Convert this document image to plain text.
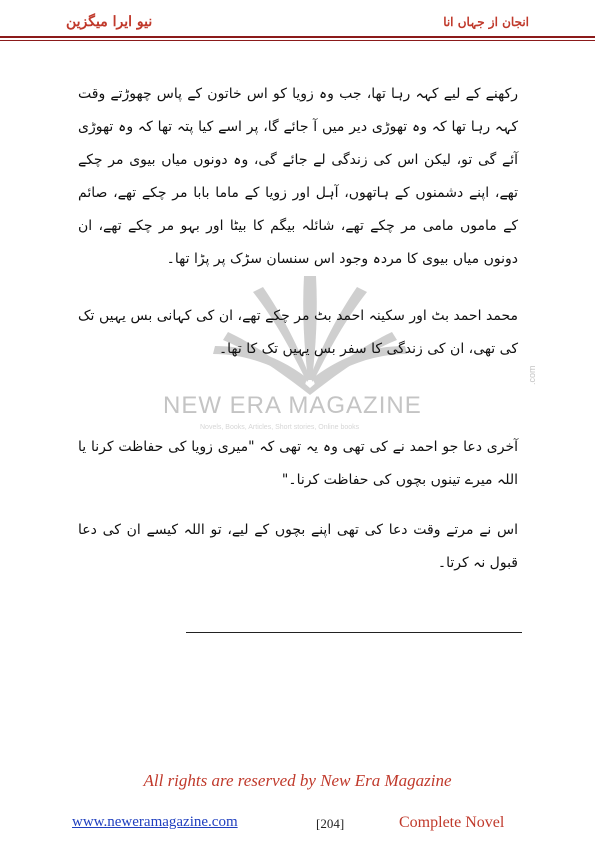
نیو ایرا میگزین	انجان از جہاں انا
NEW ERA MAGAZINE
.com
Novels, Books, Articles, Short stories, Online books

رکھنے کے لیے کہہ رہا تھا، جب وہ زویا کو اس خاتون کے پاس چھوڑتے وقت کہہ رہا تھا کہ وہ تھوڑی دیر میں آ جائے گا، پر اسے کیا پتہ تھا کہ وہ تھوڑی آئے گی تو، لیکن اس کی زندگی لے جائے گی، وہ دونوں میاں بیوی مر چکے تھے، اپنے دشمنوں کے ہاتھوں، آہل اور زویا کے ماما بابا مر چکے تھے، صائم کے ماموں مامی مر چکے تھے، شائلہ بیگم کا بیٹا اور بہو مر چکے تھے، ان دونوں میاں بیوی کا مردہ وجود اس سنسان سڑک پر پڑا تھا۔

محمد احمد بٹ اور سکینہ احمد بٹ مر چکے تھے، ان کی کہانی بس یہیں تک کی تھی، ان کی زندگی کا سفر بس یہیں تک کا تھا۔

آخری دعا جو احمد نے کی تھی وہ یہ تھی کہ "میری زویا کی حفاظت کرنا یا اللہ میرے تینوں بچوں کی حفاظت کرنا۔"

اس نے مرتے وقت دعا کی تھی اپنے بچوں کے لیے، تو اللہ کیسے ان کی دعا قبول نہ کرتا۔

All rights are reserved by New Era Magazine
www.neweramagazine.com	[204]	Complete Novel
